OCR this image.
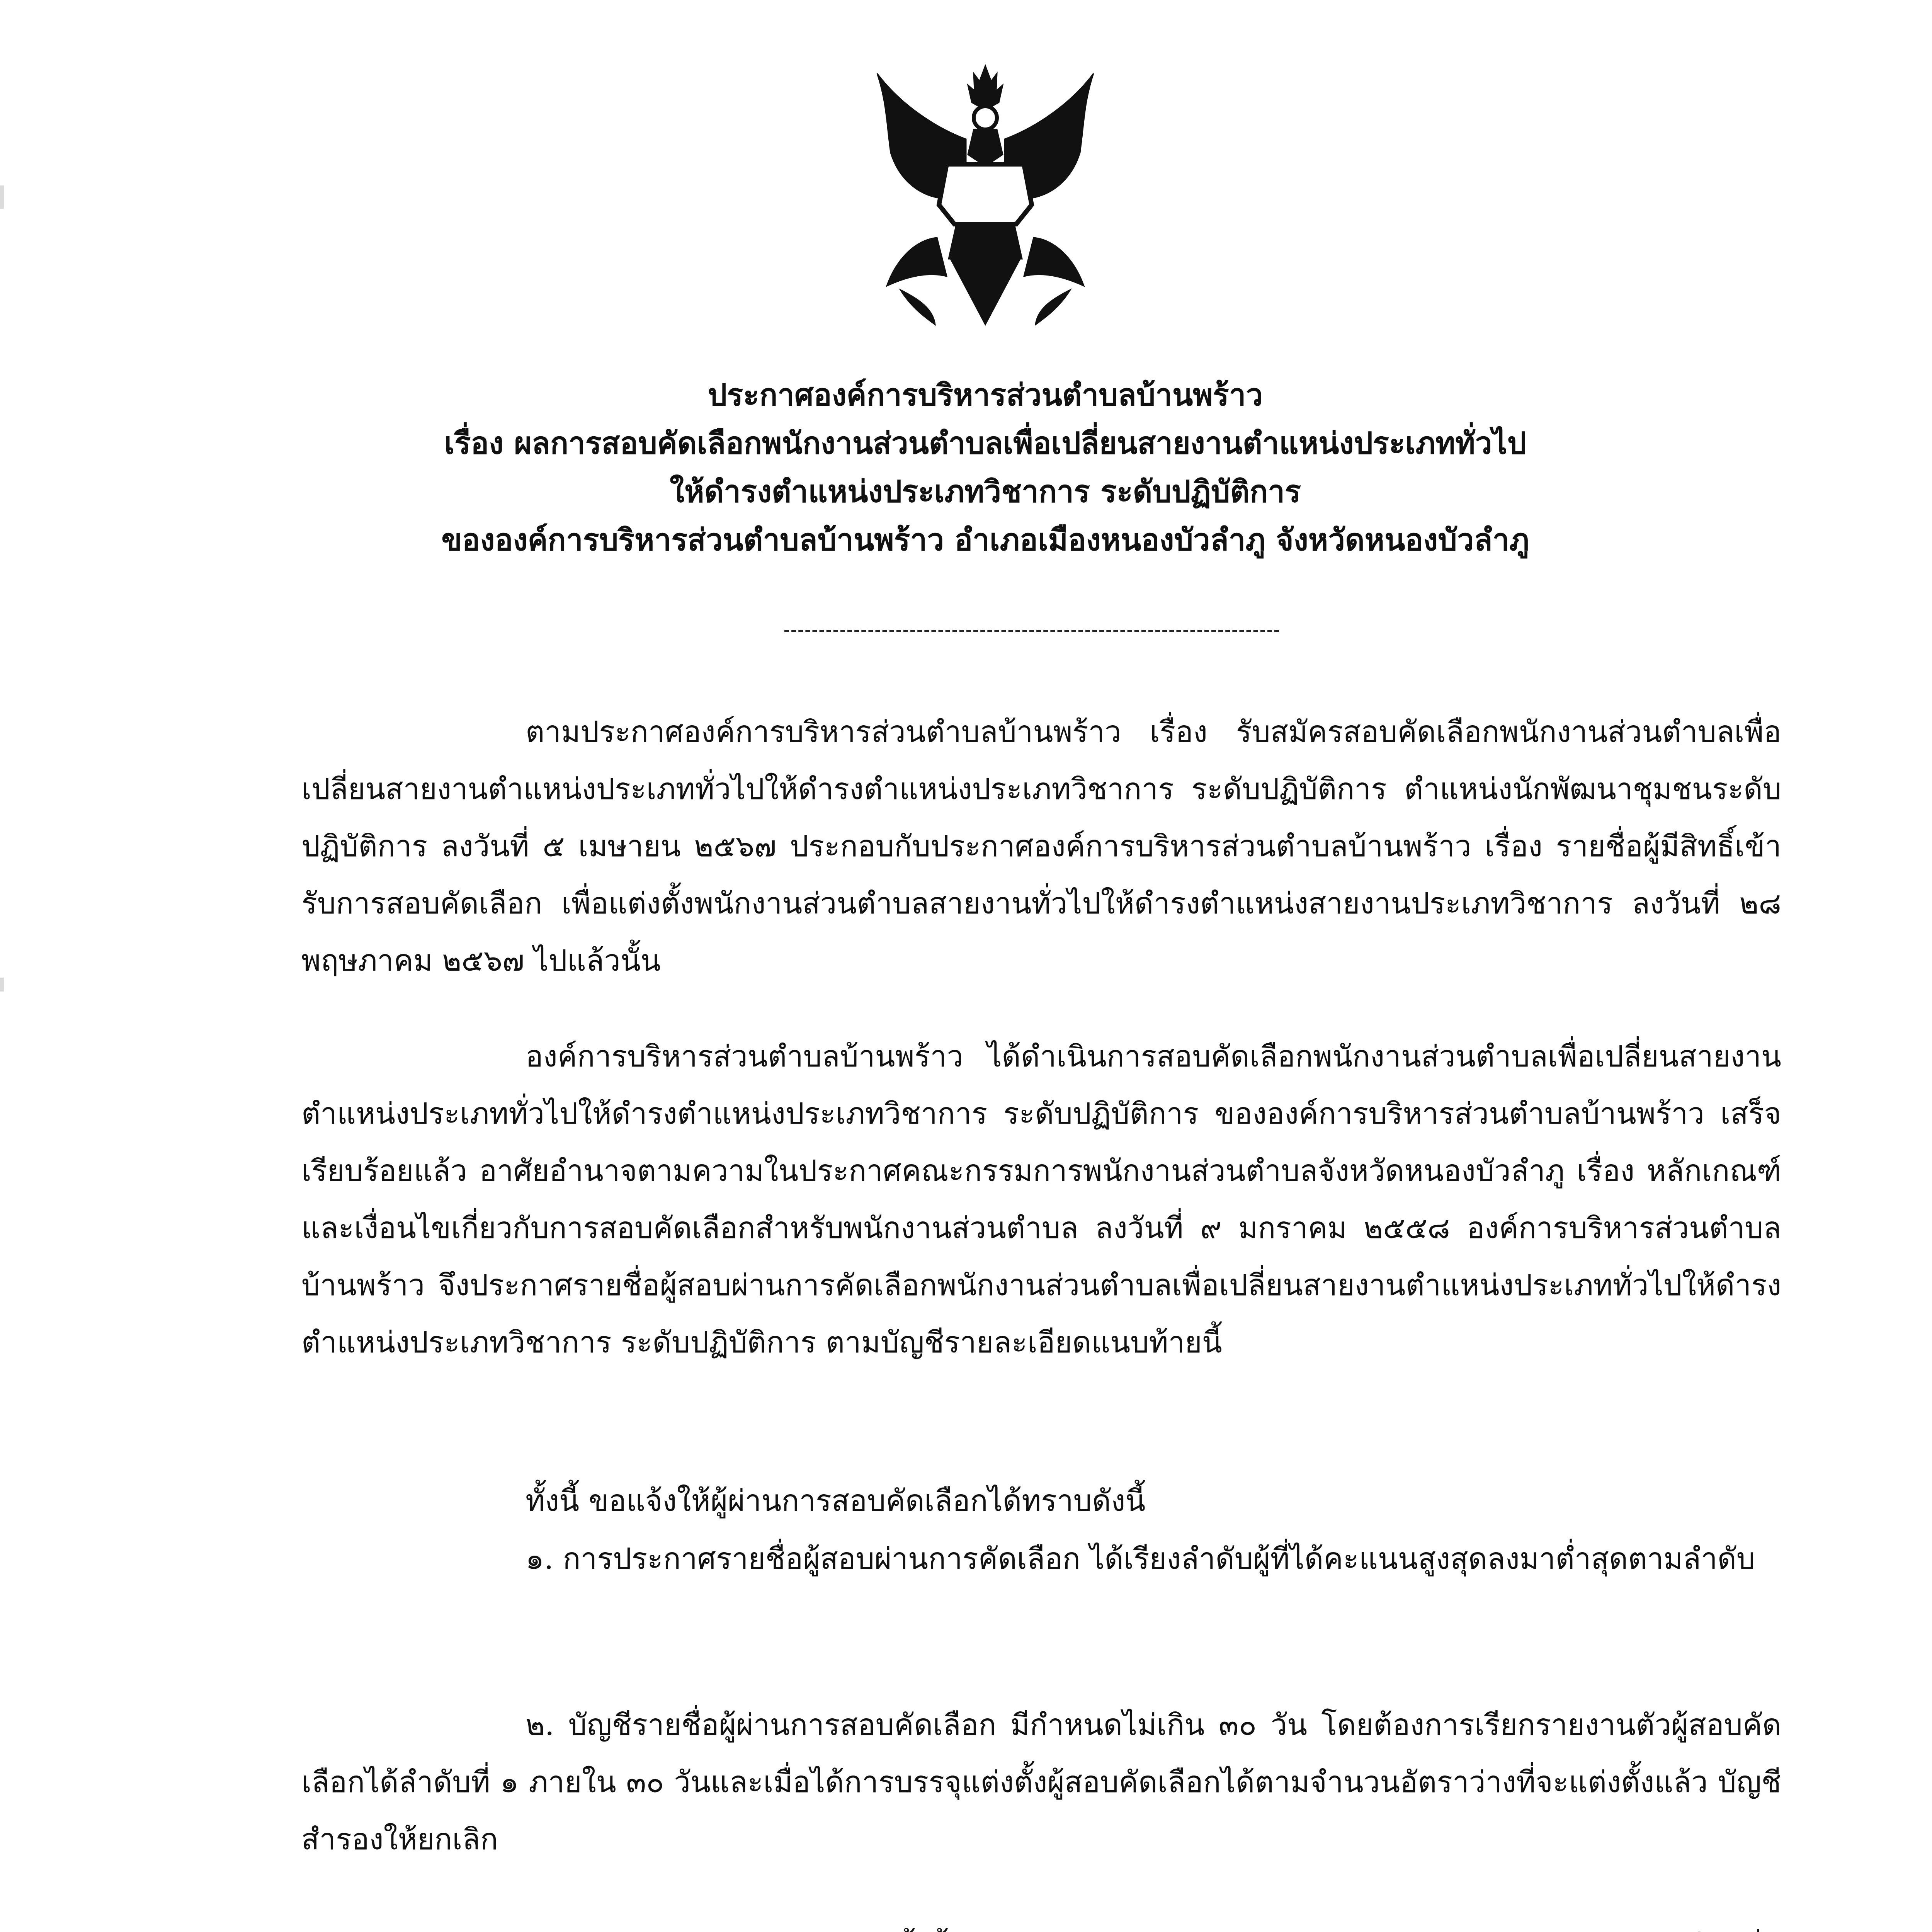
ประกาศองค์การบริหารส่วนตำบลบ้านพร้าว
เรื่อง ผลการสอบคัดเลือกพนักงานส่วนตำบลเพื่อเปลี่ยนสายงานตำแหน่งประเภททั่วไป
ให้ดำรงตำแหน่งประเภทวิชาการ ระดับปฏิบัติการ
ขององค์การบริหารส่วนตำบลบ้านพร้าว อำเภอเมืองหนองบัวลำภู จังหวัดหนองบัวลำภู

ตามประกาศองค์การบริหารส่วนตำบลบ้านพร้าว เรื่อง รับสมัครสอบคัดเลือกพนักงานส่วนตำบลเพื่อเปลี่ยนสายงานตำแหน่งประเภททั่วไปให้ดำรงตำแหน่งประเภทวิชาการ ระดับปฏิบัติการ ตำแหน่งนักพัฒนาชุมชนระดับปฏิบัติการ ลงวันที่ ๕ เมษายน ๒๕๖๗ ประกอบกับประกาศองค์การบริหารส่วนตำบลบ้านพร้าว เรื่อง รายชื่อผู้มีสิทธิ์เข้ารับการสอบคัดเลือก เพื่อแต่งตั้งพนักงานส่วนตำบลสายงานทั่วไปให้ดำรงตำแหน่งสายงานประเภทวิชาการ ลงวันที่ ๒๘ พฤษภาคม ๒๕๖๗ ไปแล้วนั้น

องค์การบริหารส่วนตำบลบ้านพร้าว ได้ดำเนินการสอบคัดเลือกพนักงานส่วนตำบลเพื่อเปลี่ยนสายงานตำแหน่งประเภททั่วไปให้ดำรงตำแหน่งประเภทวิชาการ ระดับปฏิบัติการ ขององค์การบริหารส่วนตำบลบ้านพร้าว เสร็จเรียบร้อยแล้ว อาศัยอำนาจตามความในประกาศคณะกรรมการพนักงานส่วนตำบลจังหวัดหนองบัวลำภู เรื่อง หลักเกณฑ์และเงื่อนไขเกี่ยวกับการสอบคัดเลือกสำหรับพนักงานส่วนตำบล ลงวันที่ ๙ มกราคม ๒๕๕๘ องค์การบริหารส่วนตำบลบ้านพร้าว จึงประกาศรายชื่อผู้สอบผ่านการคัดเลือกพนักงานส่วนตำบลเพื่อเปลี่ยนสายงานตำแหน่งประเภททั่วไปให้ดำรงตำแหน่งประเภทวิชาการ ระดับปฏิบัติการ ตามบัญชีรายละเอียดแนบท้ายนี้

ทั้งนี้ ขอแจ้งให้ผู้ผ่านการสอบคัดเลือกได้ทราบดังนี้

๑. การประกาศรายชื่อผู้สอบผ่านการคัดเลือก ได้เรียงลำดับผู้ที่ได้คะแนนสูงสุดลงมาต่ำสุดตามลำดับ

๒. บัญชีรายชื่อผู้ผ่านการสอบคัดเลือก มีกำหนดไม่เกิน ๓๐ วัน โดยต้องการเรียกรายงานตัวผู้สอบคัดเลือกได้ลำดับที่ ๑ ภายใน ๓๐ วันและเมื่อได้การบรรจุแต่งตั้งผู้สอบคัดเลือกได้ตามจำนวนอัตราว่างที่จะแต่งตั้งแล้ว บัญชีสำรองให้ยกเลิก
